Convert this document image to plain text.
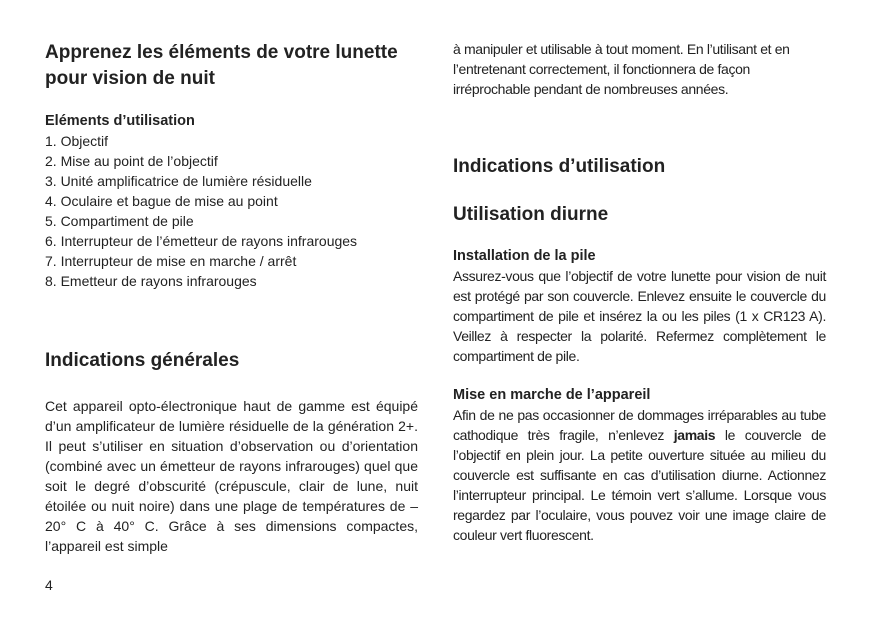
Apprenez les éléments de votre lunette pour vision de nuit
Eléments d’utilisation
1. Objectif
2. Mise au point de l’objectif
3. Unité amplificatrice de lumière résiduelle
4. Oculaire et bague de mise au point
5. Compartiment de pile
6. Interrupteur de l’émetteur de rayons infrarouges
7. Interrupteur de mise en marche / arrêt
8. Emetteur de rayons infrarouges
Indications générales

Cet appareil opto-électronique haut de gamme est équipé d’un amplificateur de lumière résiduelle de la génération 2+. Il peut s’utiliser en situation d’observation ou d’orientation (combiné avec un émetteur de rayons infrarouges) quel que soit le degré d’obscurité (crépuscule, clair de lune, nuit étoilée ou nuit noire) dans une plage de températures de – 20° C à 40° C. Grâce à ses dimensions compactes, l’appareil est simple

à manipuler et utilisable à tout moment. En l’utilisant et en l’entretenant correctement, il fonctionnera de façon irréprochable pendant de nombreuses années.

Indications d’utilisation
Utilisation diurne
Installation de la pile

Assurez-vous que l’objectif de votre lunette pour vision de nuit est protégé par son couvercle. Enlevez ensuite le couvercle du compartiment de pile et insérez la ou les piles (1 x CR123 A). Veillez à respecter la polarité. Refermez complètement le compartiment de pile.

Mise en marche de l’appareil

Afin de ne pas occasionner de dommages irréparables au tube cathodique très fragile, n’enlevez jamais le couvercle de l’objectif en plein jour. La petite ouverture située au milieu du couvercle est suffisante en cas d’utilisation diurne. Actionnez l’interrupteur principal. Le témoin vert s’allume. Lorsque vous regardez par l’oculaire, vous pouvez voir une image claire de couleur vert fluorescent.

4
